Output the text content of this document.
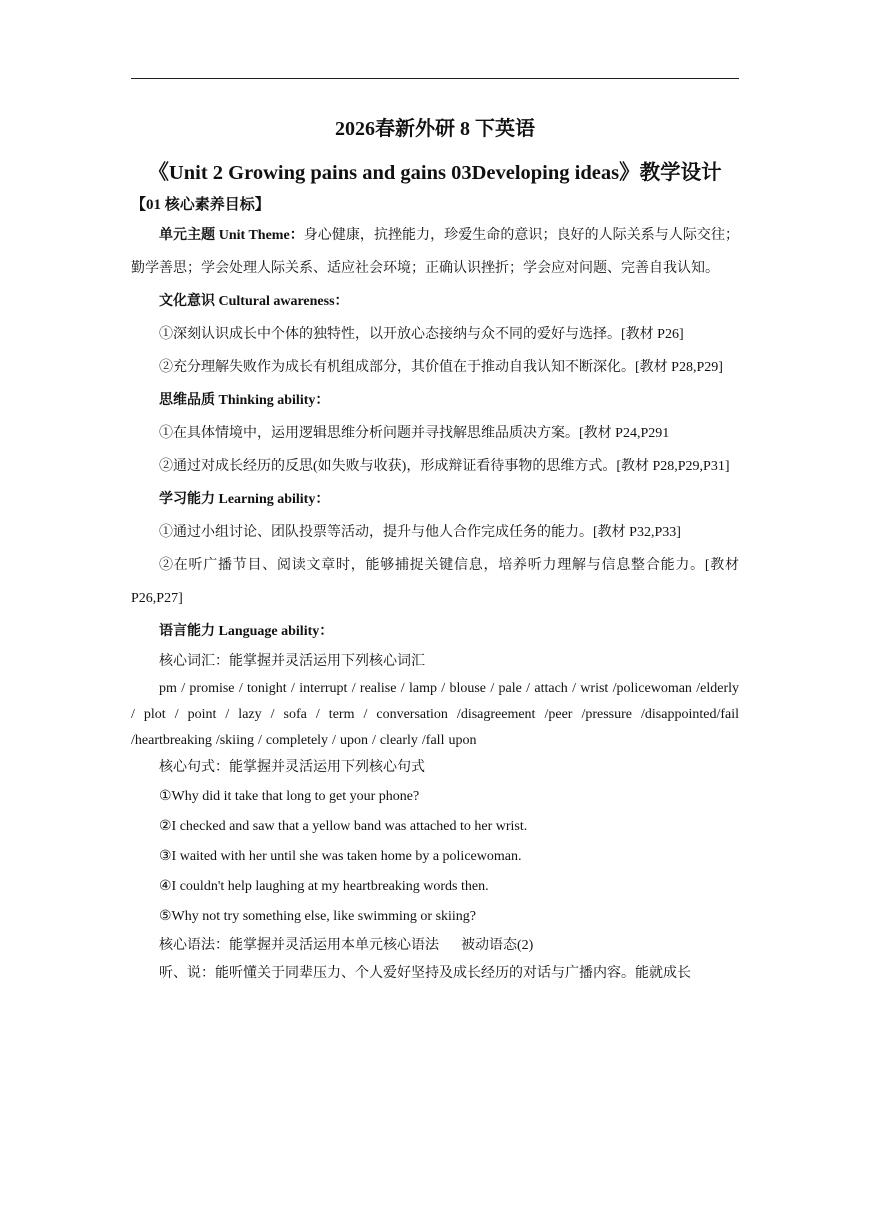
2026春新外研 8 下英语

《Unit 2 Growing pains and gains 03Developing ideas》教学设计

【01 核心素养目标】

单元主题 Unit Theme：身心健康，抗挫能力，珍爱生命的意识；良好的人际关系与人际交往；勤学善思；学会处理人际关系、适应社会环境；正确认识挫折；学会应对问题、完善自我认知。

文化意识 Cultural awareness：

①深刻认识成长中个体的独特性，以开放心态接纳与众不同的爱好与选择。[教材 P26]

②充分理解失败作为成长有机组成部分，其价值在于推动自我认知不断深化。[教材 P28,P29]

思维品质 Thinking ability：

①在具体情境中，运用逻辑思维分析问题并寻找解思维品质决方案。[教材 P24,P291

②通过对成长经历的反思(如失败与收获)，形成辩证看待事物的思维方式。[教材 P28,P29,P31]

学习能力 Learning ability：

①通过小组讨论、团队投票等活动，提升与他人合作完成任务的能力。[教材 P32,P33]

②在听广播节目、阅读文章时，能够捕捉关键信息，培养听力理解与信息整合能力。[教材 P26,P27]

语言能力 Language ability：

核心词汇：能掌握并灵活运用下列核心词汇

pm / promise / tonight / interrupt / realise / lamp / blouse / pale / attach / wrist /policewoman /elderly / plot / point / lazy / sofa / term / conversation /disagreement /peer /pressure /disappointed/fail /heartbreaking /skiing / completely / upon / clearly /fall upon

核心句式：能掌握并灵活运用下列核心句式

①Why did it take that long to get your phone?

②I checked and saw that a yellow band was attached to her wrist.

③I waited with her until she was taken home by a policewoman.

④I couldn't help laughing at my heartbreaking words then.

⑤Why not try something else, like swimming or skiing?

核心语法：能掌握并灵活运用本单元核心语法 被动语态(2)

听、说：能听懂关于同辈压力、个人爱好坚持及成长经历的对话与广播内容。能就成长
